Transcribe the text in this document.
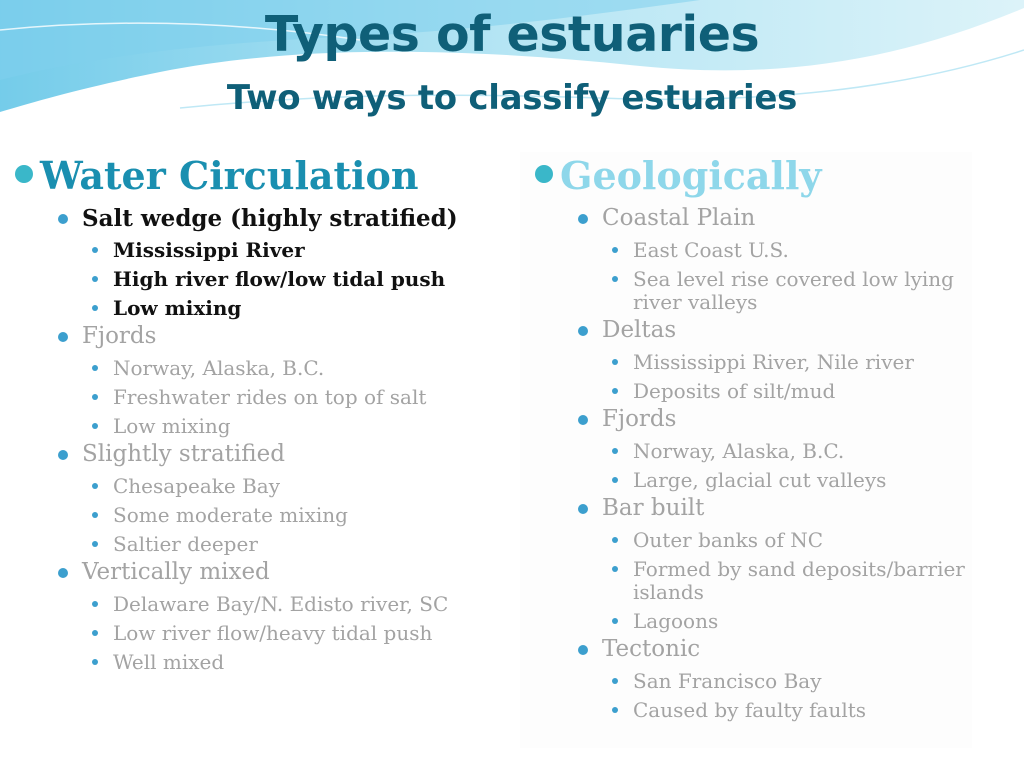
Types of estuaries
Two ways to classify estuaries
Water Circulation
Salt wedge (highly stratified)
Mississippi River
High river flow/low tidal push
Low mixing
Fjords
Norway, Alaska, B.C.
Freshwater rides on top of salt
Low mixing
Slightly stratified
Chesapeake Bay
Some moderate mixing
Saltier deeper
Vertically mixed
Delaware Bay/N. Edisto river, SC
Low river flow/heavy tidal push
Well mixed
Geologically
Coastal Plain
East Coast U.S.
Sea level rise covered low lying river valleys
Deltas
Mississippi River, Nile river
Deposits of silt/mud
Fjords
Norway, Alaska, B.C.
Large, glacial cut valleys
Bar built
Outer banks of NC
Formed by sand deposits/barrier islands
Lagoons
Tectonic
San Francisco Bay
Caused by faulty faults
